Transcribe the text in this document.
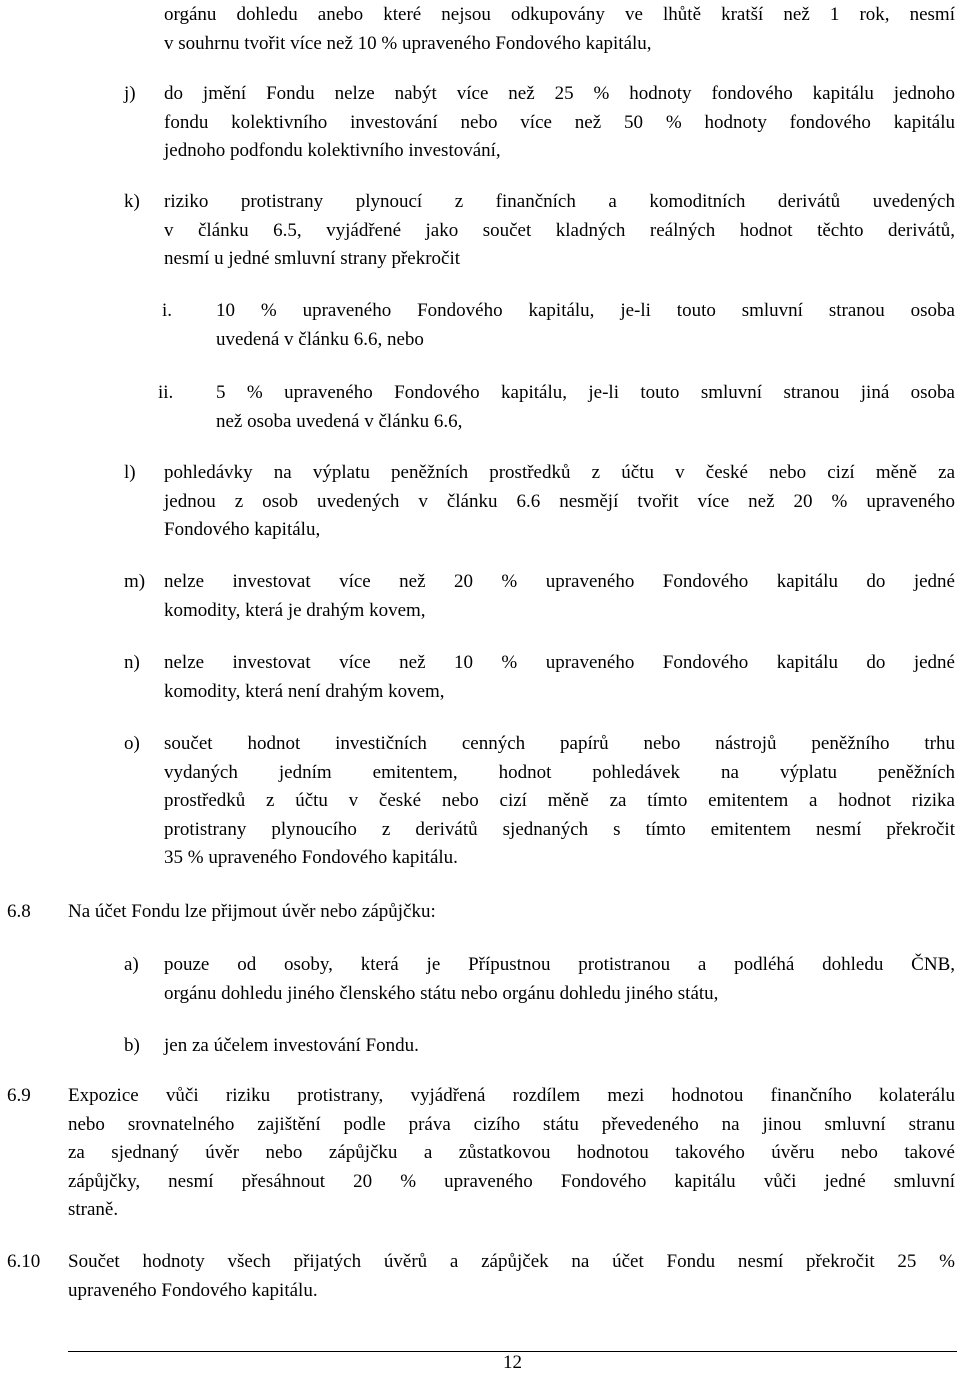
orgánu dohledu anebo které nejsou odkupovány ve lhůtě kratší než 1 rok, nesmí
v souhrnu tvořit více než 10 % upraveného Fondového kapitálu,
j) do jmění Fondu nelze nabýt více než 25 % hodnoty fondového kapitálu jednoho
fondu kolektivního investování nebo více než 50 % hodnoty fondového kapitálu
jednoho podfondu kolektivního investování,
k) riziko protistrany plynoucí z finančních a komoditních derivátů uvedených
v článku 6.5, vyjádřené jako součet kladných reálných hodnot těchto derivátů,
nesmí u jedné smluvní strany překročit
i. 10 % upraveného Fondového kapitálu, je-li touto smluvní stranou osoba
uvedená v článku 6.6, nebo
ii. 5 % upraveného Fondového kapitálu, je-li touto smluvní stranou jiná osoba
než osoba uvedená v článku 6.6,
l) pohledávky na výplatu peněžních prostředků z účtu v české nebo cizí měně za
jednou z osob uvedených v článku 6.6 nesmějí tvořit více než 20 % upraveného
Fondového kapitálu,
m) nelze investovat více než 20 % upraveného Fondového kapitálu do jedné
komodity, která je drahým kovem,
n) nelze investovat více než 10 % upraveného Fondového kapitálu do jedné
komodity, která není drahým kovem,
o) součet hodnot investičních cenných papírů nebo nástrojů peněžního trhu
vydaných jedním emitentem, hodnot pohledávek na výplatu peněžních
prostředků z účtu v české nebo cizí měně za tímto emitentem a hodnot rizika
protistrany plynoucího z derivátů sjednaných s tímto emitentem nesmí překročit
35 % upraveného Fondového kapitálu.
6.8 Na účet Fondu lze přijmout úvěr nebo zápůjčku:
a) pouze od osoby, která je Přípustnou protistranou a podléhá dohledu ČNB,
orgánu dohledu jiného členského státu nebo orgánu dohledu jiného státu,
b) jen za účelem investování Fondu.
6.9 Expozice vůči riziku protistrany, vyjádřená rozdílem mezi hodnotou finančního kolaterálu
nebo srovnatelného zajištění podle práva cizího státu převedeného na jinou smluvní stranu
za sjednaný úvěr nebo zápůjčku a zůstatkovou hodnotou takového úvěru nebo takové
zápůjčky, nesmí přesáhnout 20 % upraveného Fondového kapitálu vůči jedné smluvní
straně.
6.10 Součet hodnoty všech přijatých úvěrů a zápůjček na účet Fondu nesmí překročit 25 %
upraveného Fondového kapitálu.
12
